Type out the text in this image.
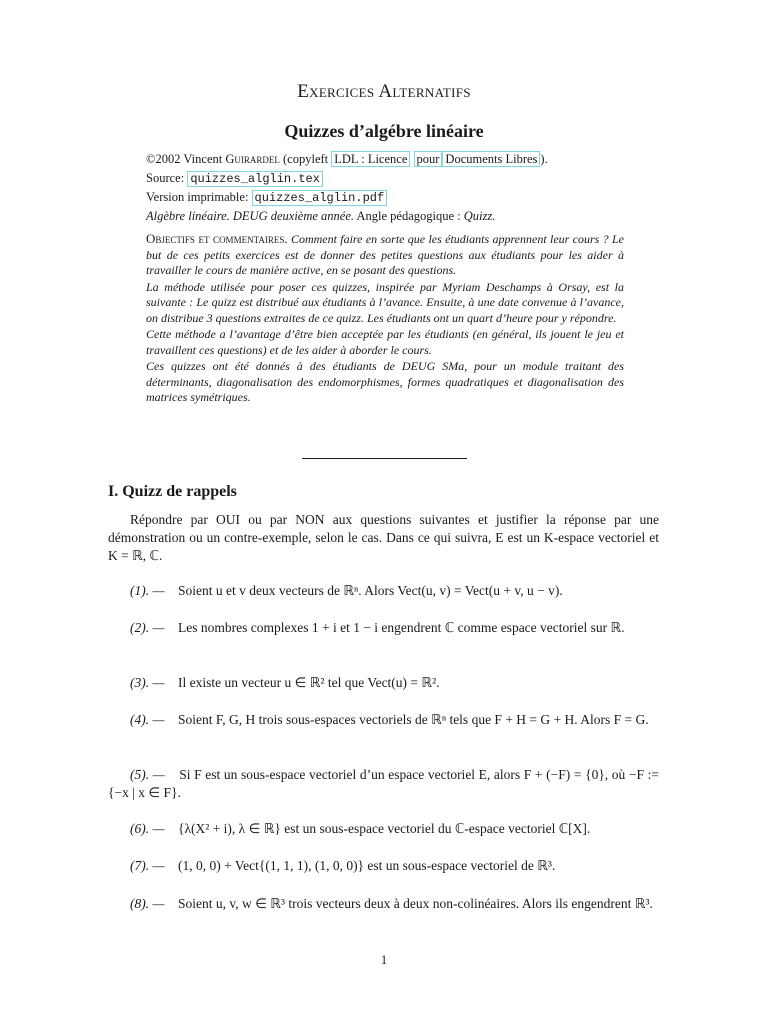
Exercices Alternatifs
Quizzes d’algébre linéaire
©2002 Vincent Guirardel (copyleft LDL : Licence pour Documents Libres ).
Source: quizzes_alglin.tex
Version imprimable: quizzes_alglin.pdf
Algèbre linéaire. DEUG deuxième année. Angle pédagogique : Quizz.

Objectifs et commentaires. Comment faire en sorte que les étudiants apprennent leur cours ? Le but de ces petits exercices est de donner des petites questions aux étudiants pour les aider à travailler le cours de manière active, en se posant des questions.

La méthode utilisée pour poser ces quizzes, inspirée par Myriam Deschamps à Orsay, est la suivante : Le quizz est distribué aux étudiants à l’avance. Ensuite, à une date convenue à l’avance, on distribue 3 questions extraites de ce quizz. Les étudiants ont un quart d’heure pour y répondre.

Cette méthode a l’avantage d’être bien acceptée par les étudiants (en général, ils jouent le jeu et travaillent ces questions) et de les aider à aborder le cours.

Ces quizzes ont été donnés à des étudiants de DEUG SMa, pour un module traitant des déterminants, diagonalisation des endomorphismes, formes quadratiques et diagonalisation des matrices symétriques.

I. Quizz de rappels
Répondre par OUI ou par NON aux questions suivantes et justifier la réponse par une démonstration ou un contre-exemple, selon le cas. Dans ce qui suivra, E est un K-espace vectoriel et K = ℝ, ℂ.
(1). — Soient u et v deux vecteurs de ℝⁿ. Alors Vect(u, v) = Vect(u + v, u − v).
(2). — Les nombres complexes 1 + i et 1 − i engendrent ℂ comme espace vectoriel sur ℝ.
(3). — Il existe un vecteur u ∈ ℝ² tel que Vect(u) = ℝ².
(4). — Soient F, G, H trois sous-espaces vectoriels de ℝⁿ tels que F + H = G + H. Alors F = G.
(5). — Si F est un sous-espace vectoriel d’un espace vectoriel E, alors F + (−F) = {0}, où −F := {−x | x ∈ F}.
(6). — {λ(X² + i), λ ∈ ℝ} est un sous-espace vectoriel du ℂ-espace vectoriel ℂ[X].
(7). — (1, 0, 0) + Vect{(1, 1, 1), (1, 0, 0)} est un sous-espace vectoriel de ℝ³.
(8). — Soient u, v, w ∈ ℝ³ trois vecteurs deux à deux non-colinéaires. Alors ils engendrent ℝ³.
1
